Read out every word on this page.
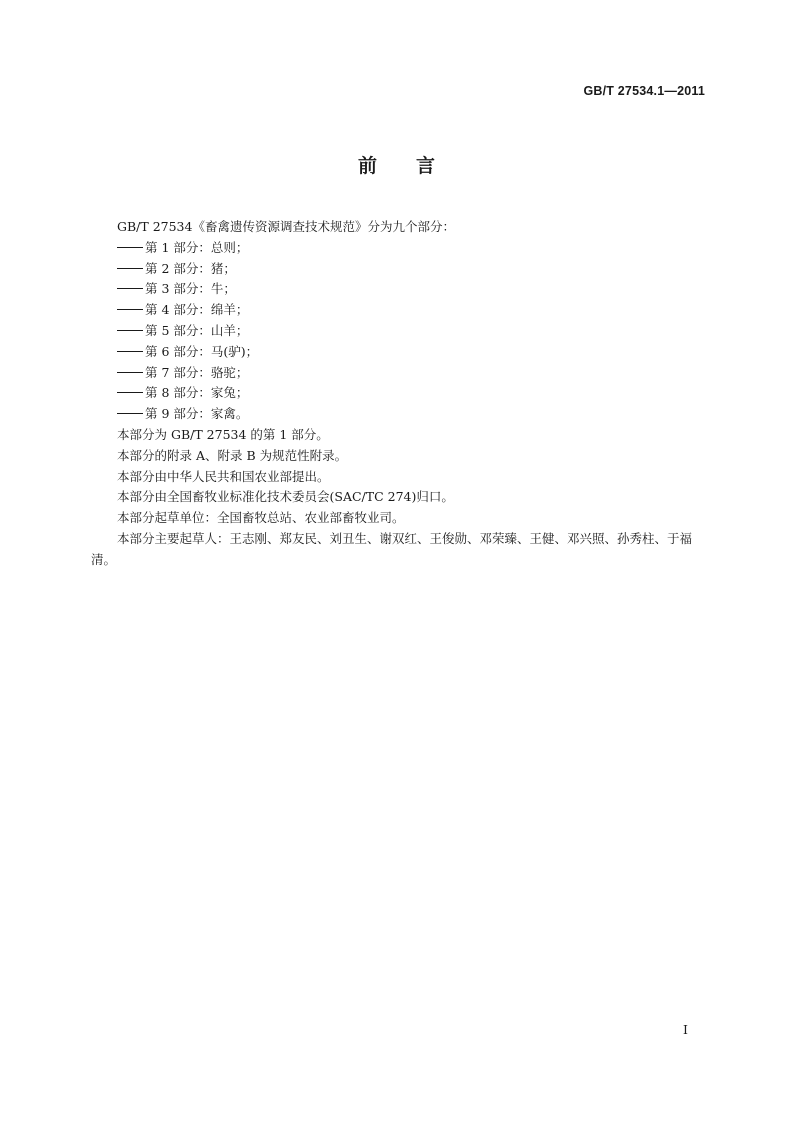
GB/T 27534.1—2011
前 言

GB/T 27534《畜禽遗传资源调查技术规范》分为九个部分：

第 1 部分：总则；

第 2 部分：猪；

第 3 部分：牛；

第 4 部分：绵羊；

第 5 部分：山羊；

第 6 部分：马(驴)；

第 7 部分：骆驼；

第 8 部分：家兔；

第 9 部分：家禽。

本部分为 GB/T 27534 的第 1 部分。

本部分的附录 A、附录 B 为规范性附录。

本部分由中华人民共和国农业部提出。

本部分由全国畜牧业标准化技术委员会(SAC/TC 274)归口。

本部分起草单位：全国畜牧总站、农业部畜牧业司。

本部分主要起草人：王志刚、郑友民、刘丑生、谢双红、王俊勋、邓荣臻、王健、邓兴照、孙秀柱、于福清。

I
